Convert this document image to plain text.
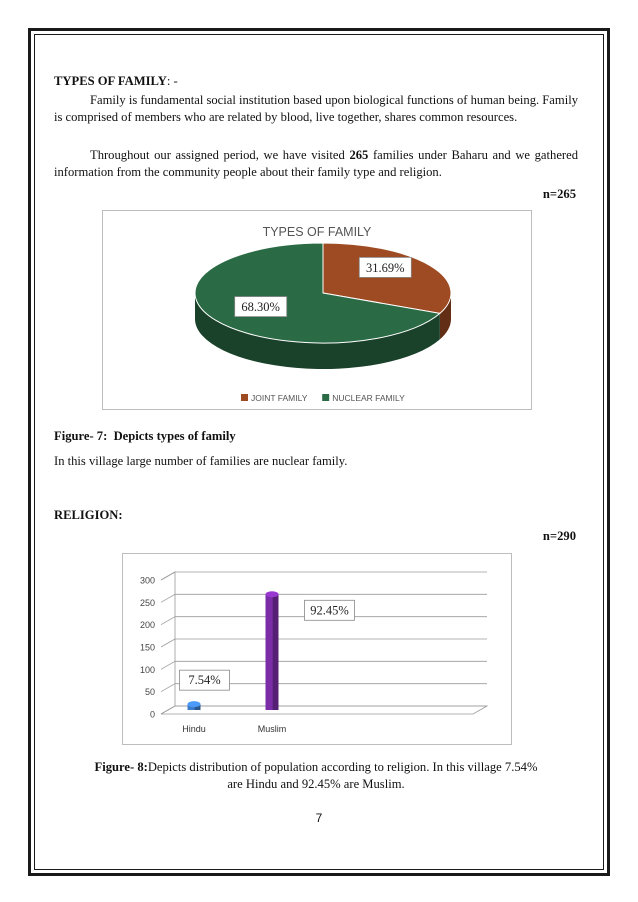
TYPES OF FAMILY: -
Family is fundamental social institution based upon biological functions of human being. Family is comprised of members who are related by blood, live together, shares common resources.
Throughout our assigned period, we have visited 265 families under Baharu and we gathered information from the community people about their family type and religion.
n=265
TYPES OF FAMILY
31.69%
68.30%
JOINT FAMILY	NUCLEAR FAMILY
Figure- 7: Depicts types of family
In this village large number of families are nuclear family.
RELIGION:
n=290
0
50
100
150
200
250
300
7.54%
92.45%
Hindu	Muslim
Figure- 8:Depicts distribution of population according to religion. In this village 7.54%
are Hindu and 92.45% are Muslim.
7
